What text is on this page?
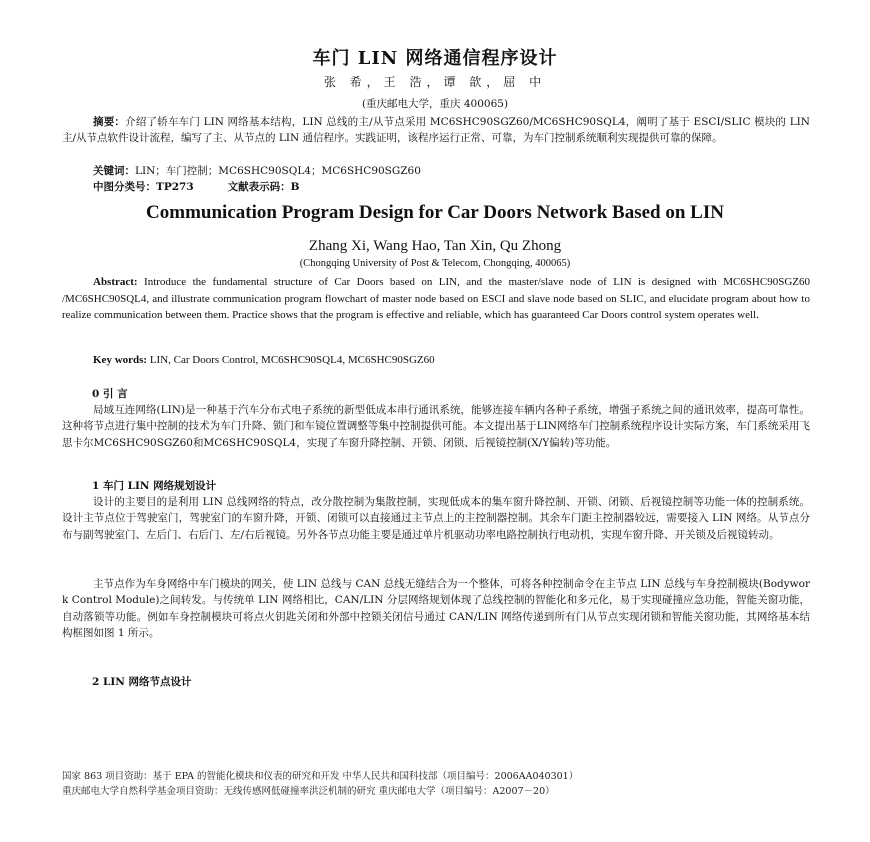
车门 LIN 网络通信程序设计
张 希，王 浩，谭 歆，屈 中
(重庆邮电大学，重庆 400065)
摘要：介绍了轿车车门 LIN 网络基本结构，LIN 总线的主/从节点采用 MC6SHC90SGZ60/MC6SHC90SQL4，阐明了基于 ESCI/SLIC 模块的 LIN 主/从节点软件设计流程，编写了主、从节点的 LIN 通信程序。实践证明，该程序运行正常、可靠，为车门控制系统顺利实现提供可靠的保障。
关键词：LIN；车门控制；MC6SHC90SQL4；MC6SHC90SGZ60
中图分类号：TP273	文献表示码：B
Communication Program Design for Car Doors Network Based on LIN
Zhang Xi, Wang Hao, Tan Xin, Qu Zhong
(Chongqing University of Post & Telecom, Chongqing, 400065)
Abstract: Introduce the fundamental structure of Car Doors based on LIN, and the master/slave node of LIN is designed with MC6SHC90SGZ60 /MC6SHC90SQL4, and illustrate communication program flowchart of master node based on ESCI and slave node based on SLIC, and elucidate program about how to realize communication between them. Practice shows that the program is effective and reliable, which has guaranteed Car Doors control system operates well.
Key words: LIN, Car Doors Control, MC6SHC90SQL4, MC6SHC90SGZ60
0 引 言
局域互连网络(LIN)是一种基于汽车分布式电子系统的新型低成本串行通讯系统，能够连接车辆内各种子系统，增强子系统之间的通讯效率，提高可靠性。这种将节点进行集中控制的技术为车门升降、锁门和车镜位置调整等集中控制提供可能。本文提出基于LIN网络车门控制系统程序设计实际方案，车门系统采用飞思卡尔MC6SHC90SGZ60和MC6SHC90SQL4，实现了车窗升降控制、开锁、闭锁、后视镜控制(X/Y偏转)等功能。
1 车门 LIN 网络规划设计
设计的主要目的是利用 LIN 总线网络的特点，改分散控制为集散控制，实现低成本的集车窗升降控制、开锁、闭锁、后视镜控制等功能一体的控制系统。设计主节点位于驾驶室门，驾驶室门的车窗升降，开锁、闭锁可以直接通过主节点上的主控制器控制。其余车门距主控制器较远，需要接入 LIN 网络。从节点分布与副驾驶室门、左后门、右后门、左/右后视镜。另外各节点功能主要是通过单片机驱动功率电路控制执行电动机，实现车窗升降、开关锁及后视镜转动。
主节点作为车身网络中车门模块的网关，使 LIN 总线与 CAN 总线无缝结合为一个整体，可将各种控制命令在主节点 LIN 总线与车身控制模块(Bodywork Control Module)之间转发。与传统单 LIN 网络相比，CAN/LIN 分层网络规划体现了总线控制的智能化和多元化，易于实现碰撞应急功能，智能关窗功能，自动落锁等功能。例如车身控制模块可将点火钥匙关闭和外部中控锁关闭信号通过 CAN/LIN 网络传递到所有门从节点实现闭锁和智能关窗功能，其网络基本结构框图如图 1 所示。
2 LIN 网络节点设计
国家 863 项目资助：基于 EPA 的智能化模块和仪表的研究和开发 中华人民共和国科技部（项目编号：2006AA040301）
重庆邮电大学自然科学基金项目资助：无线传感网低碰撞率洪泛机制的研究 重庆邮电大学（项目编号：A2007－20）
